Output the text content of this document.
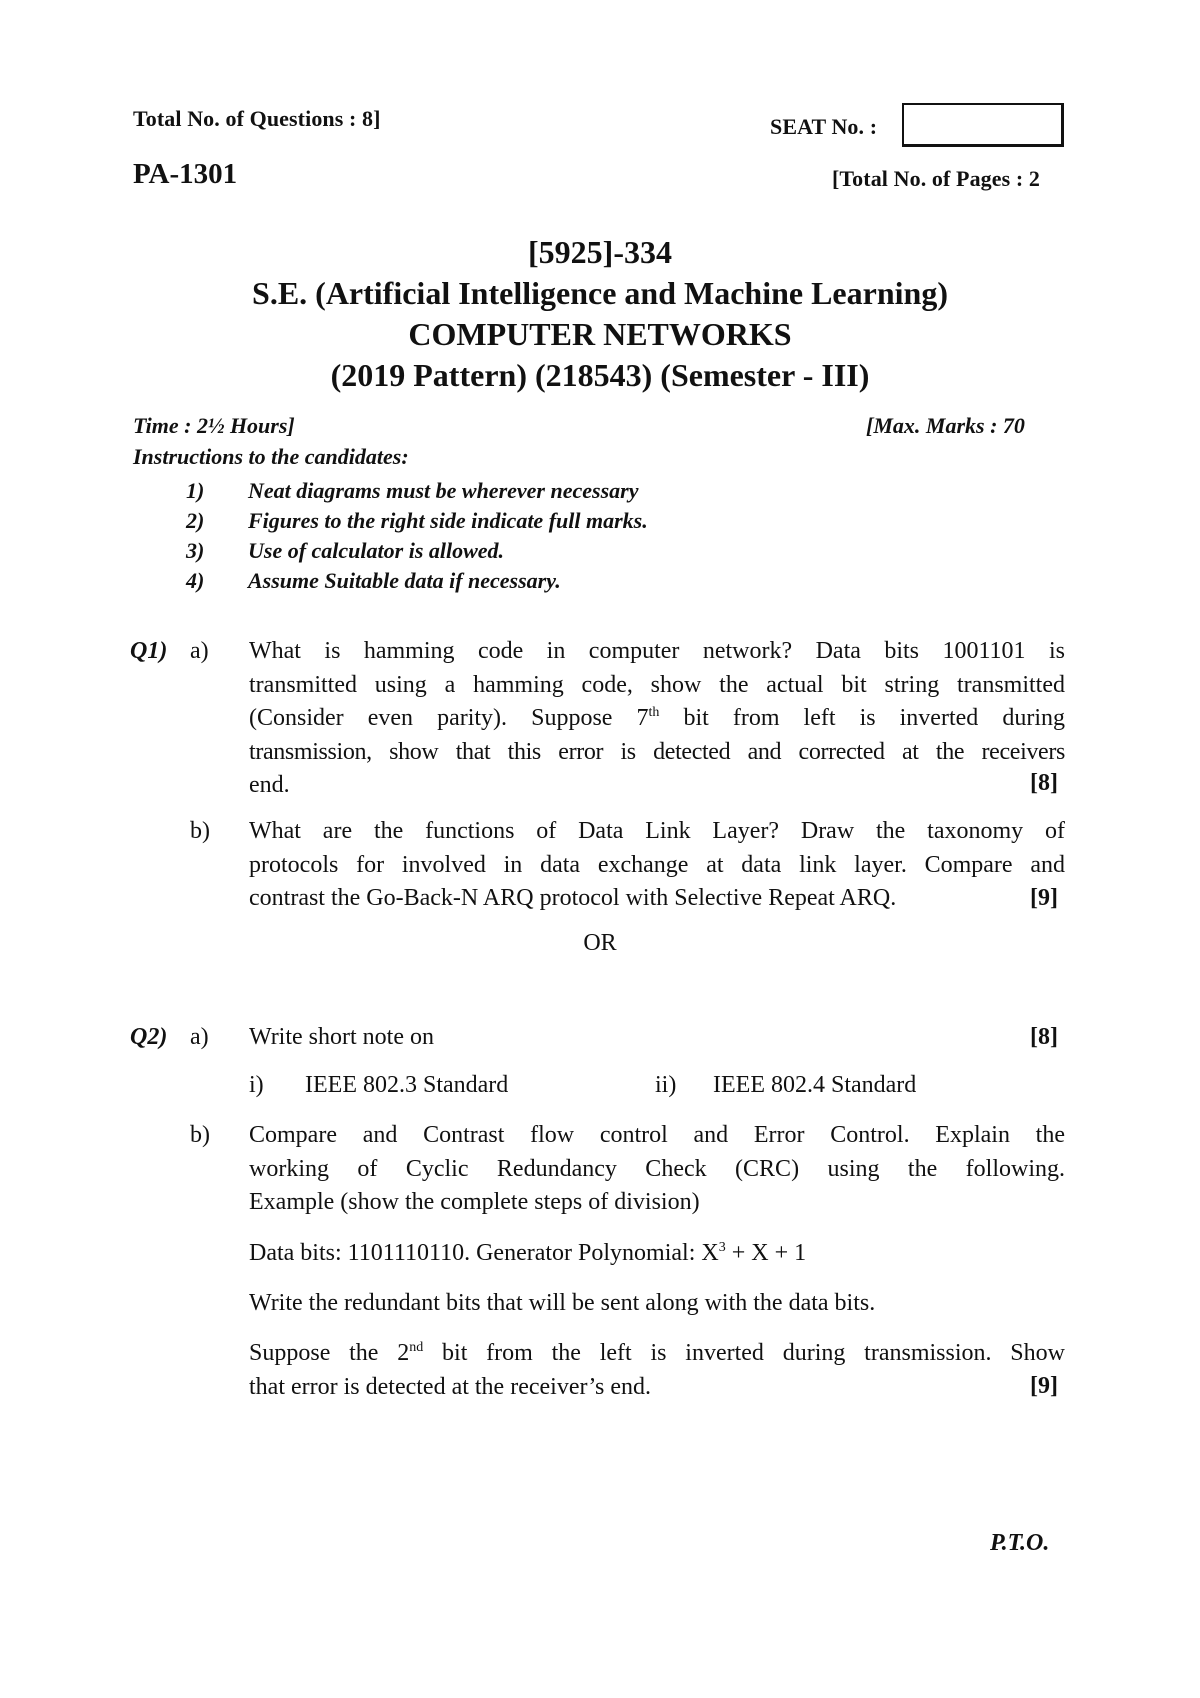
Total No. of Questions : 8]	SEAT No. :
PA-1301	[Total No. of Pages : 2
[5925]-334
S.E. (Artificial Intelligence and Machine Learning)
COMPUTER NETWORKS
(2019 Pattern) (218543) (Semester - III)
Time : 2½ Hours]	[Max. Marks : 70
Instructions to the candidates:
1) Neat diagrams must be wherever necessary
2) Figures to the right side indicate full marks.
3) Use of calculator is allowed.
4) Assume Suitable data if necessary.
Q1) a) What is hamming code in computer network? Data bits 1001101 is
transmitted using a hamming code, show the actual bit string transmitted
(Consider even parity). Suppose 7th bit from left is inverted during
transmission, show that this error is detected and corrected at the receivers
end.	[8]
b) What are the functions of Data Link Layer? Draw the taxonomy of
protocols for involved in data exchange at data link layer. Compare and
contrast the Go-Back-N ARQ protocol with Selective Repeat ARQ.	[9]
OR
Q2) a) Write short note on	[8]
i) IEEE 802.3 Standard	ii) IEEE 802.4 Standard
b) Compare and Contrast flow control and Error Control. Explain the
working of Cyclic Redundancy Check (CRC) using the following.
Example (show the complete steps of division)
Data bits: 1101110110. Generator Polynomial: $X^3 + X + 1$
Write the redundant bits that will be sent along with the data bits.
Suppose the 2nd bit from the left is inverted during transmission. Show
that error is detected at the receiver’s end.	[9]
P.T.O.
